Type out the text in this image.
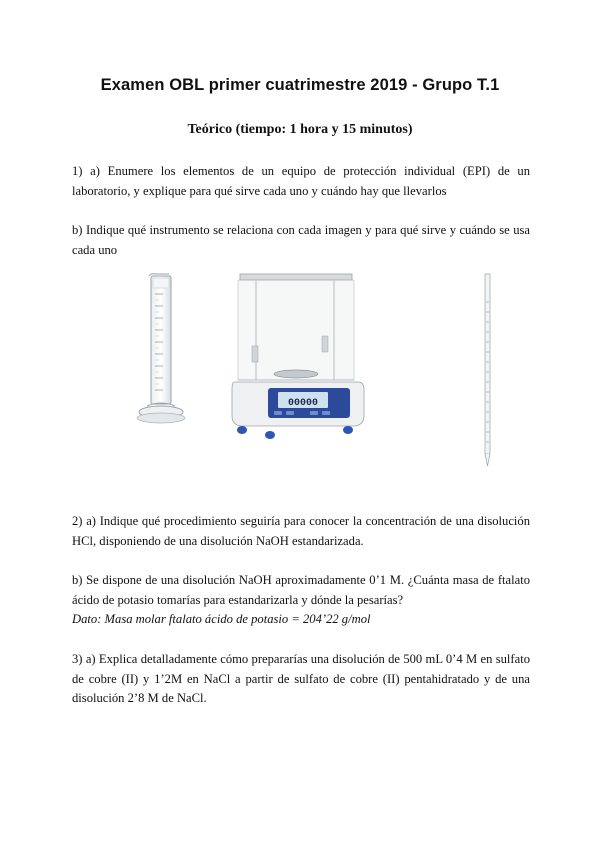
Examen OBL primer cuatrimestre 2019 - Grupo T.1
Teórico (tiempo: 1 hora y 15 minutos)

1) a) Enumere los elementos de un equipo de protección individual (EPI) de un laboratorio, y explique para qué sirve cada uno y cuándo hay que llevarlos

b) Indique qué instrumento se relaciona con cada imagen y para qué sirve y cuándo se usa cada uno

00000

2) a) Indique qué procedimiento seguiría para conocer la concentración de una disolución HCl, disponiendo de una disolución NaOH estandarizada.

b) Se dispone de una disolución NaOH aproximadamente 0’1 M. ¿Cuánta masa de ftalato ácido de potasio tomarías para estandarizarla y dónde la pesarías?

Dato: Masa molar ftalato ácido de potasio = 204’22 g/mol

3) a) Explica detalladamente cómo prepararías una disolución de 500 mL 0’4 M en sulfato de cobre (II) y 1’2M en NaCl a partir de sulfato de cobre (II) pentahidratado y de una disolución 2’8 M de NaCl.
